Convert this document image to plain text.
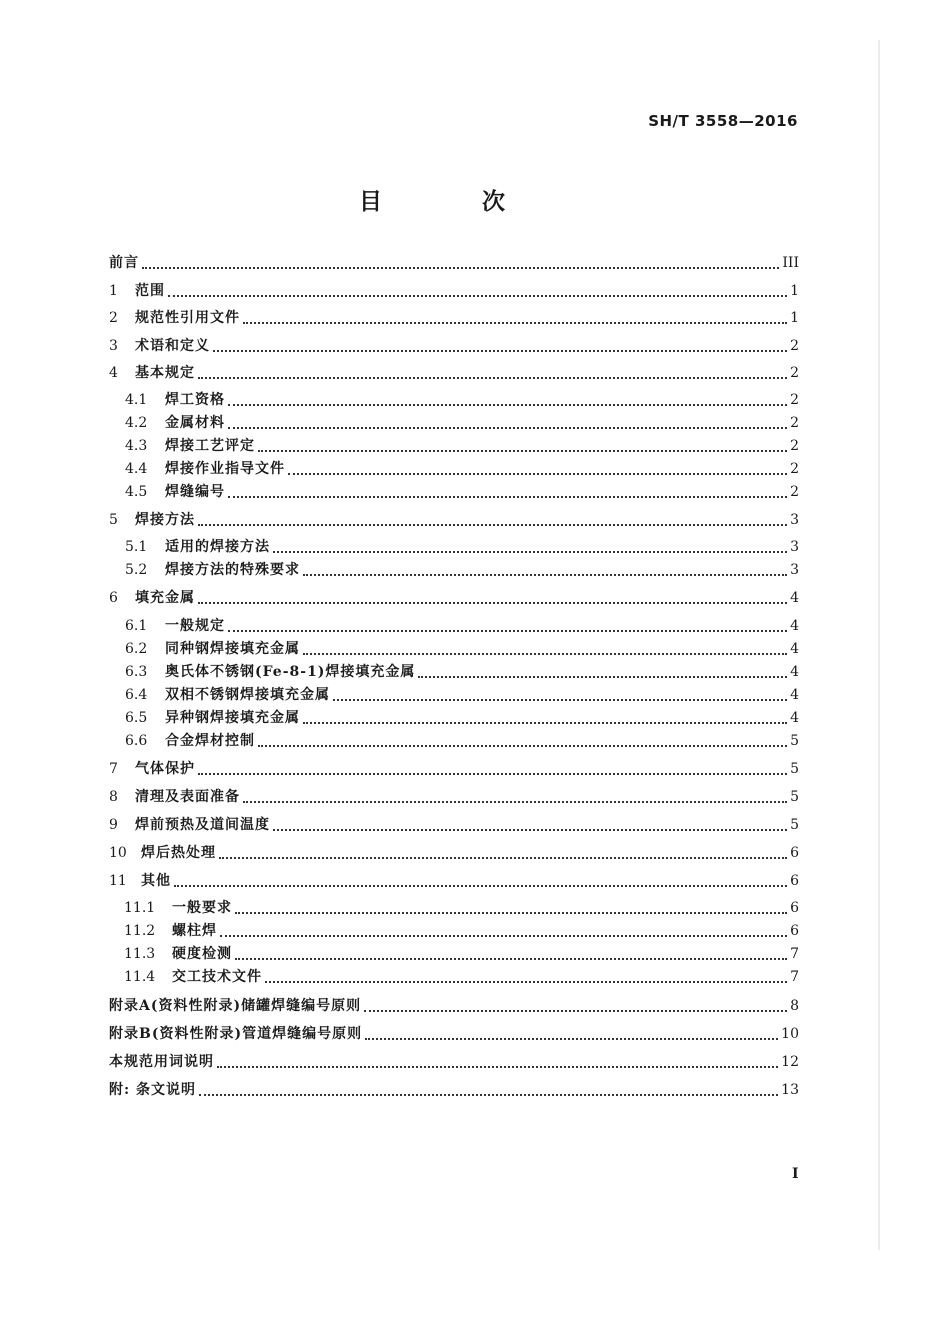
SH/T 3558—2016
目 次
前言	III
1	范围	1
2	规范性引用文件	1
3	术语和定义	2
4	基本规定	2
4.1	焊工资格	2
4.2	金属材料	2
4.3	焊接工艺评定	2
4.4	焊接作业指导文件	2
4.5	焊缝编号	2
5	焊接方法	3
5.1	适用的焊接方法	3
5.2	焊接方法的特殊要求	3
6	填充金属	4
6.1	一般规定	4
6.2	同种钢焊接填充金属	4
6.3	奥氏体不锈钢(Fe-8-1)焊接填充金属	4
6.4	双相不锈钢焊接填充金属	4
6.5	异种钢焊接填充金属	4
6.6	合金焊材控制	5
7	气体保护	5
8	清理及表面准备	5
9	焊前预热及道间温度	5
10	焊后热处理	6
11	其他	6
11.1	一般要求	6
11.2	螺柱焊	6
11.3	硬度检测	7
11.4	交工技术文件	7
附录A(资料性附录)储罐焊缝编号原则	8
附录B(资料性附录)管道焊缝编号原则	10
本规范用词说明	12
附: 条文说明	13
I
